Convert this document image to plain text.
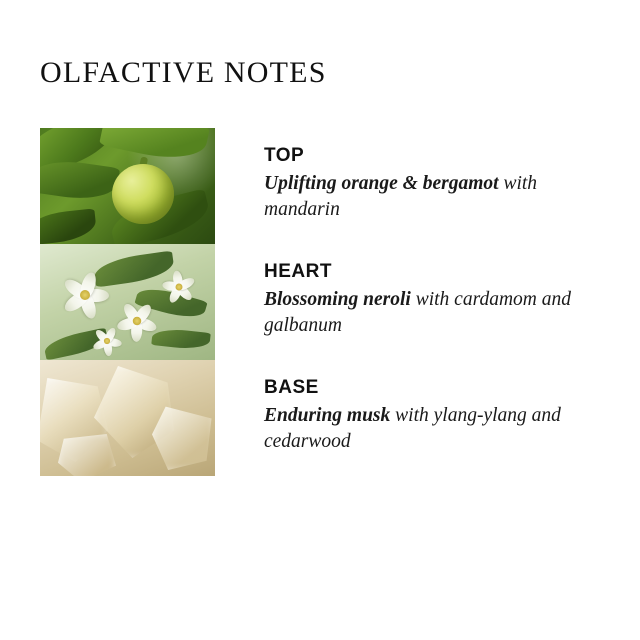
OLFACTIVE NOTES

TOP

Uplifting orange & bergamot with mandarin

HEART

Blossoming neroli with cardamom and galbanum

BASE

Enduring musk with ylang-ylang and cedarwood
